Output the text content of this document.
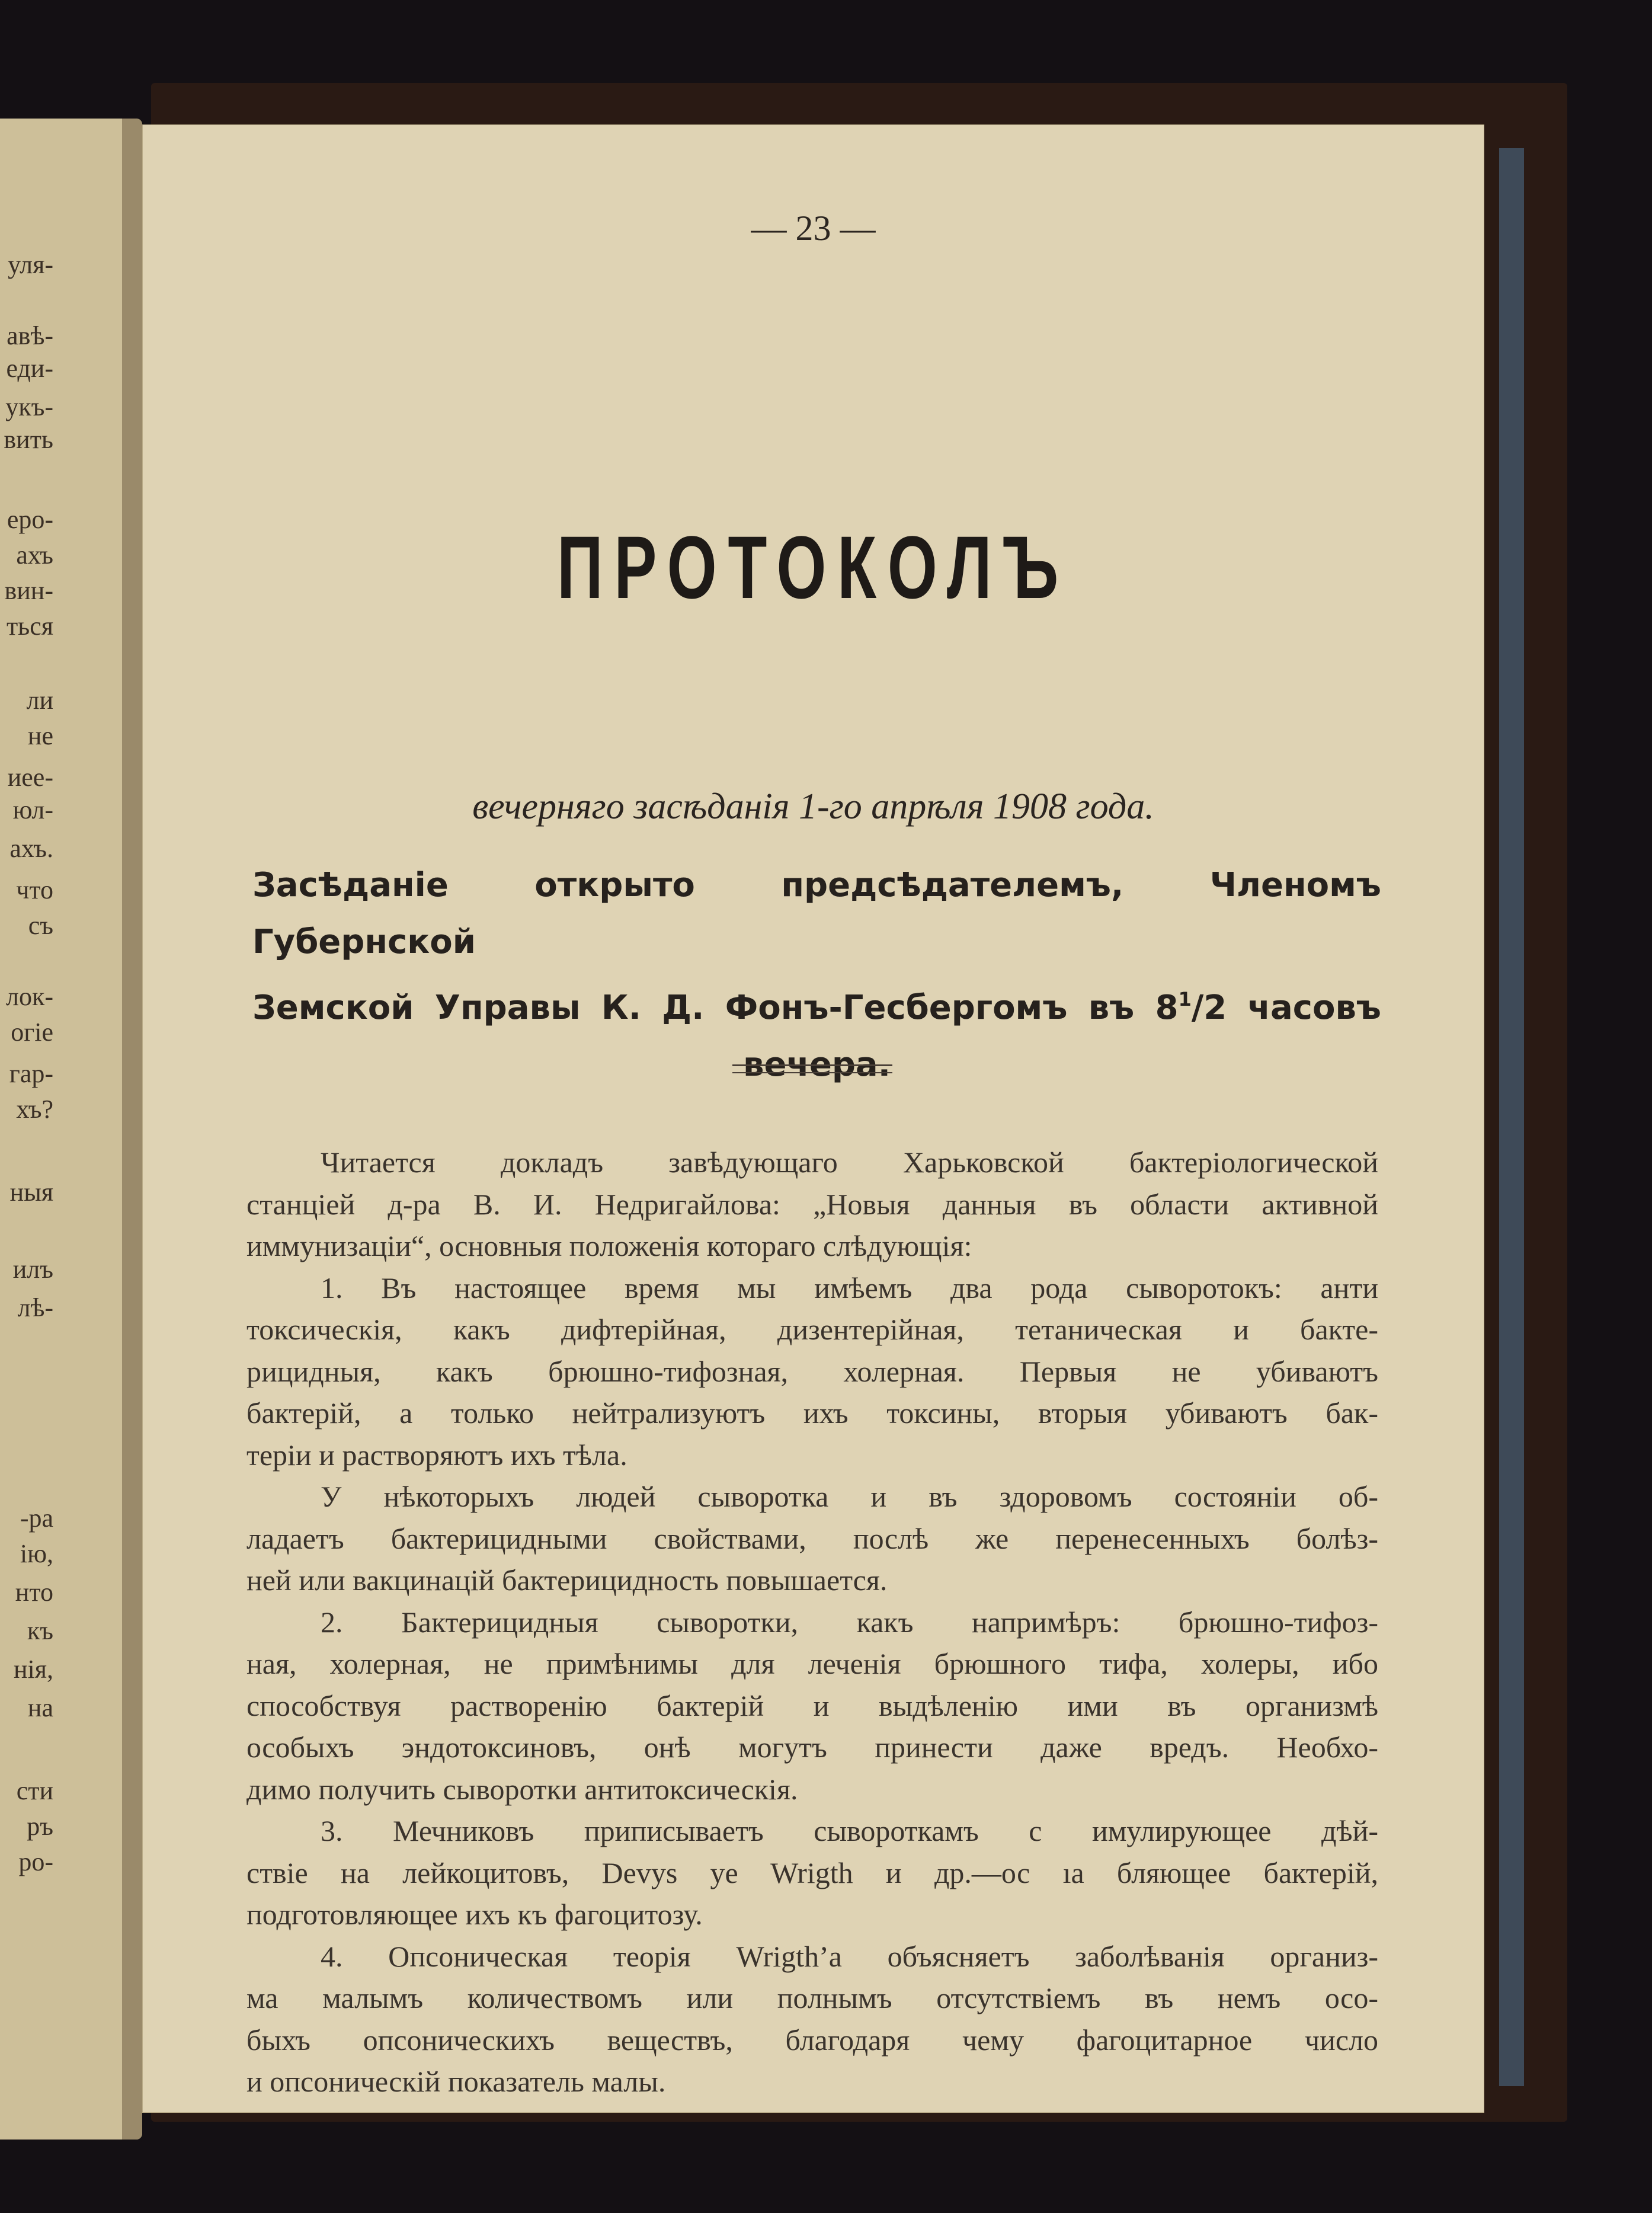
уля-
авѣ-
еди-
укъ-
вить
еро-
ахъ
вин-
ться
ли
не
иее-
юл-
ахъ.
что
съ
лок-
огіе
гар-
хъ?
ныя
илъ
лѣ-
-ра
ію,
нто
къ
нія,
на
сти
ръ
ро-
— 23 —
ПРОТОКОЛЪ
вечерняго засѣданія 1-го апрѣля 1908 года.
Засѣданіе открыто предсѣдателемъ, Членомъ Губернской
Земской Управы К. Д. Фонъ-Гесбергомъ въ $8^1/2$ часовъ
вечера.
Читается докладъ завѣдующаго Харьковской бактеріологической
станціей д-ра В. И. Недригайлова: „Новыя данныя въ области активной
иммунизаціи“, основныя положенія котораго слѣдующія:
1. Въ настоящее время мы имѣемъ два рода сыворотокъ: анти
токсическія, какъ дифтерійная, дизентерійная, тетаническая и бакте-
рицидныя, какъ брюшно-тифозная, холерная. Первыя не убиваютъ
бактерій, а только нейтрализуютъ ихъ токсины, вторыя убиваютъ бак-
теріи и растворяютъ ихъ тѣла.
У нѣкоторыхъ людей сыворотка и въ здоровомъ состояніи об-
ладаетъ бактерицидными свойствами, послѣ же перенесенныхъ болѣз-
ней или вакцинацій бактерицидность повышается.
2. Бактерицидныя сыворотки, какъ напримѣръ: брюшно-тифоз-
ная, холерная, не примѣнимы для леченія брюшного тифа, холеры, ибо
способствуя растворенію бактерій и выдѣленію ими въ организмѣ
особыхъ эндотоксиновъ, онѣ могутъ принести даже вредъ. Необхо-
димо получить сыворотки антитоксическія.
3. Мечниковъ приписываетъ сывороткамъ с имулирующее дѣй-
ствіе на лейкоцитовъ, Devys ye Wrigth и др.—ос ıа бляющее бактерій,
подготовляющее ихъ къ фагоцитозу.
4. Опсоническая теорія Wrigth’а объясняетъ заболѣванія организ-
ма малымъ количествомъ или полнымъ отсутствіемъ въ немъ осо-
быхъ опсоническихъ веществъ, благодаря чему фагоцитарное число
и опсоническій показатель малы.
